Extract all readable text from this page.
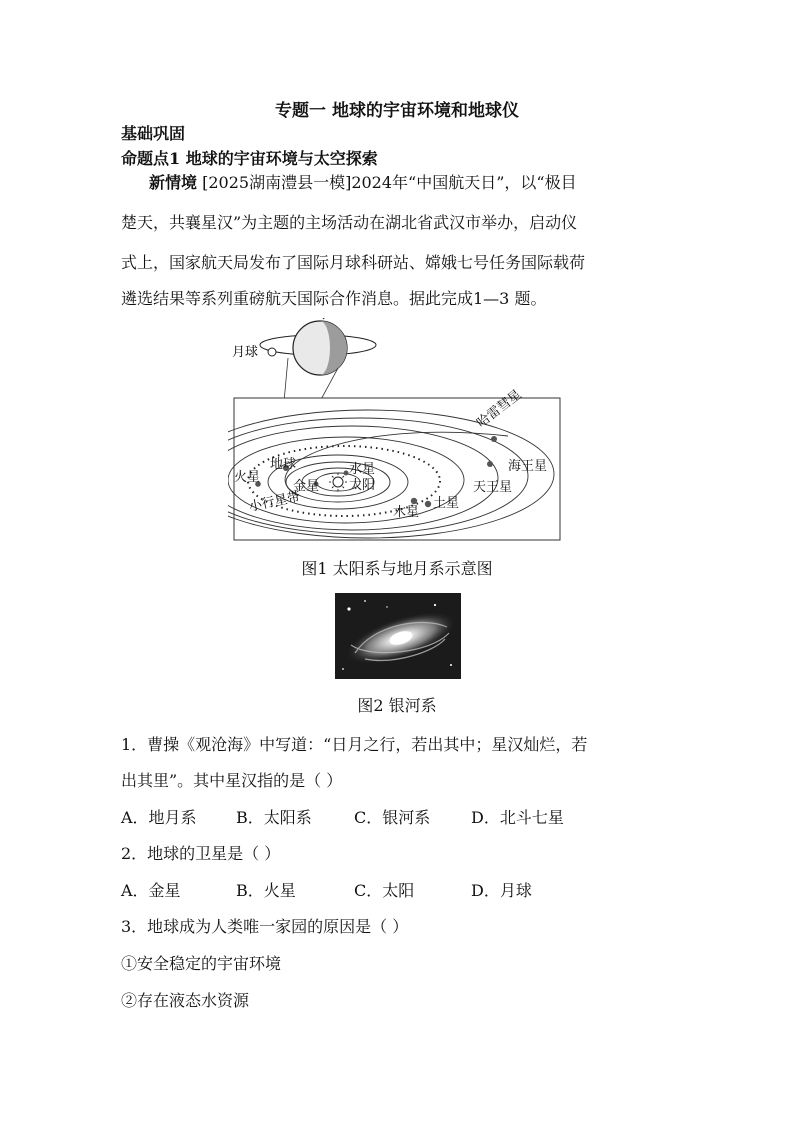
专题一 地球的宇宙环境和地球仪
基础巩固
命题点1 地球的宇宙环境与太空探索
新情境 [2025湖南澧县一模]2024年“中国航天日”，以“极目
楚天，共襄星汉”为主题的主场活动在湖北省武汉市举办，启动仪
式上，国家航天局发布了国际月球科研站、嫦娥七号任务国际载荷
遴选结果等系列重磅航天国际合作消息。据此完成1—3 题。
月球
哈雷彗星
火星
地球	水星
金星 太阳
海王星
天王星
土星
木星
小行星带
图1 太阳系与地月系示意图
图2 银河系
1．曹操《观沧海》中写道：“日月之行，若出其中；星汉灿烂，若
出其里”。其中星汉指的是（ ）
A．地月系 B．太阳系	C．银河系	D．北斗七星
2．地球的卫星是（ ）
A．金星	B．火星	C．太阳	D．月球
3．地球成为人类唯一家园的原因是（ ）
①安全稳定的宇宙环境
②存在液态水资源
